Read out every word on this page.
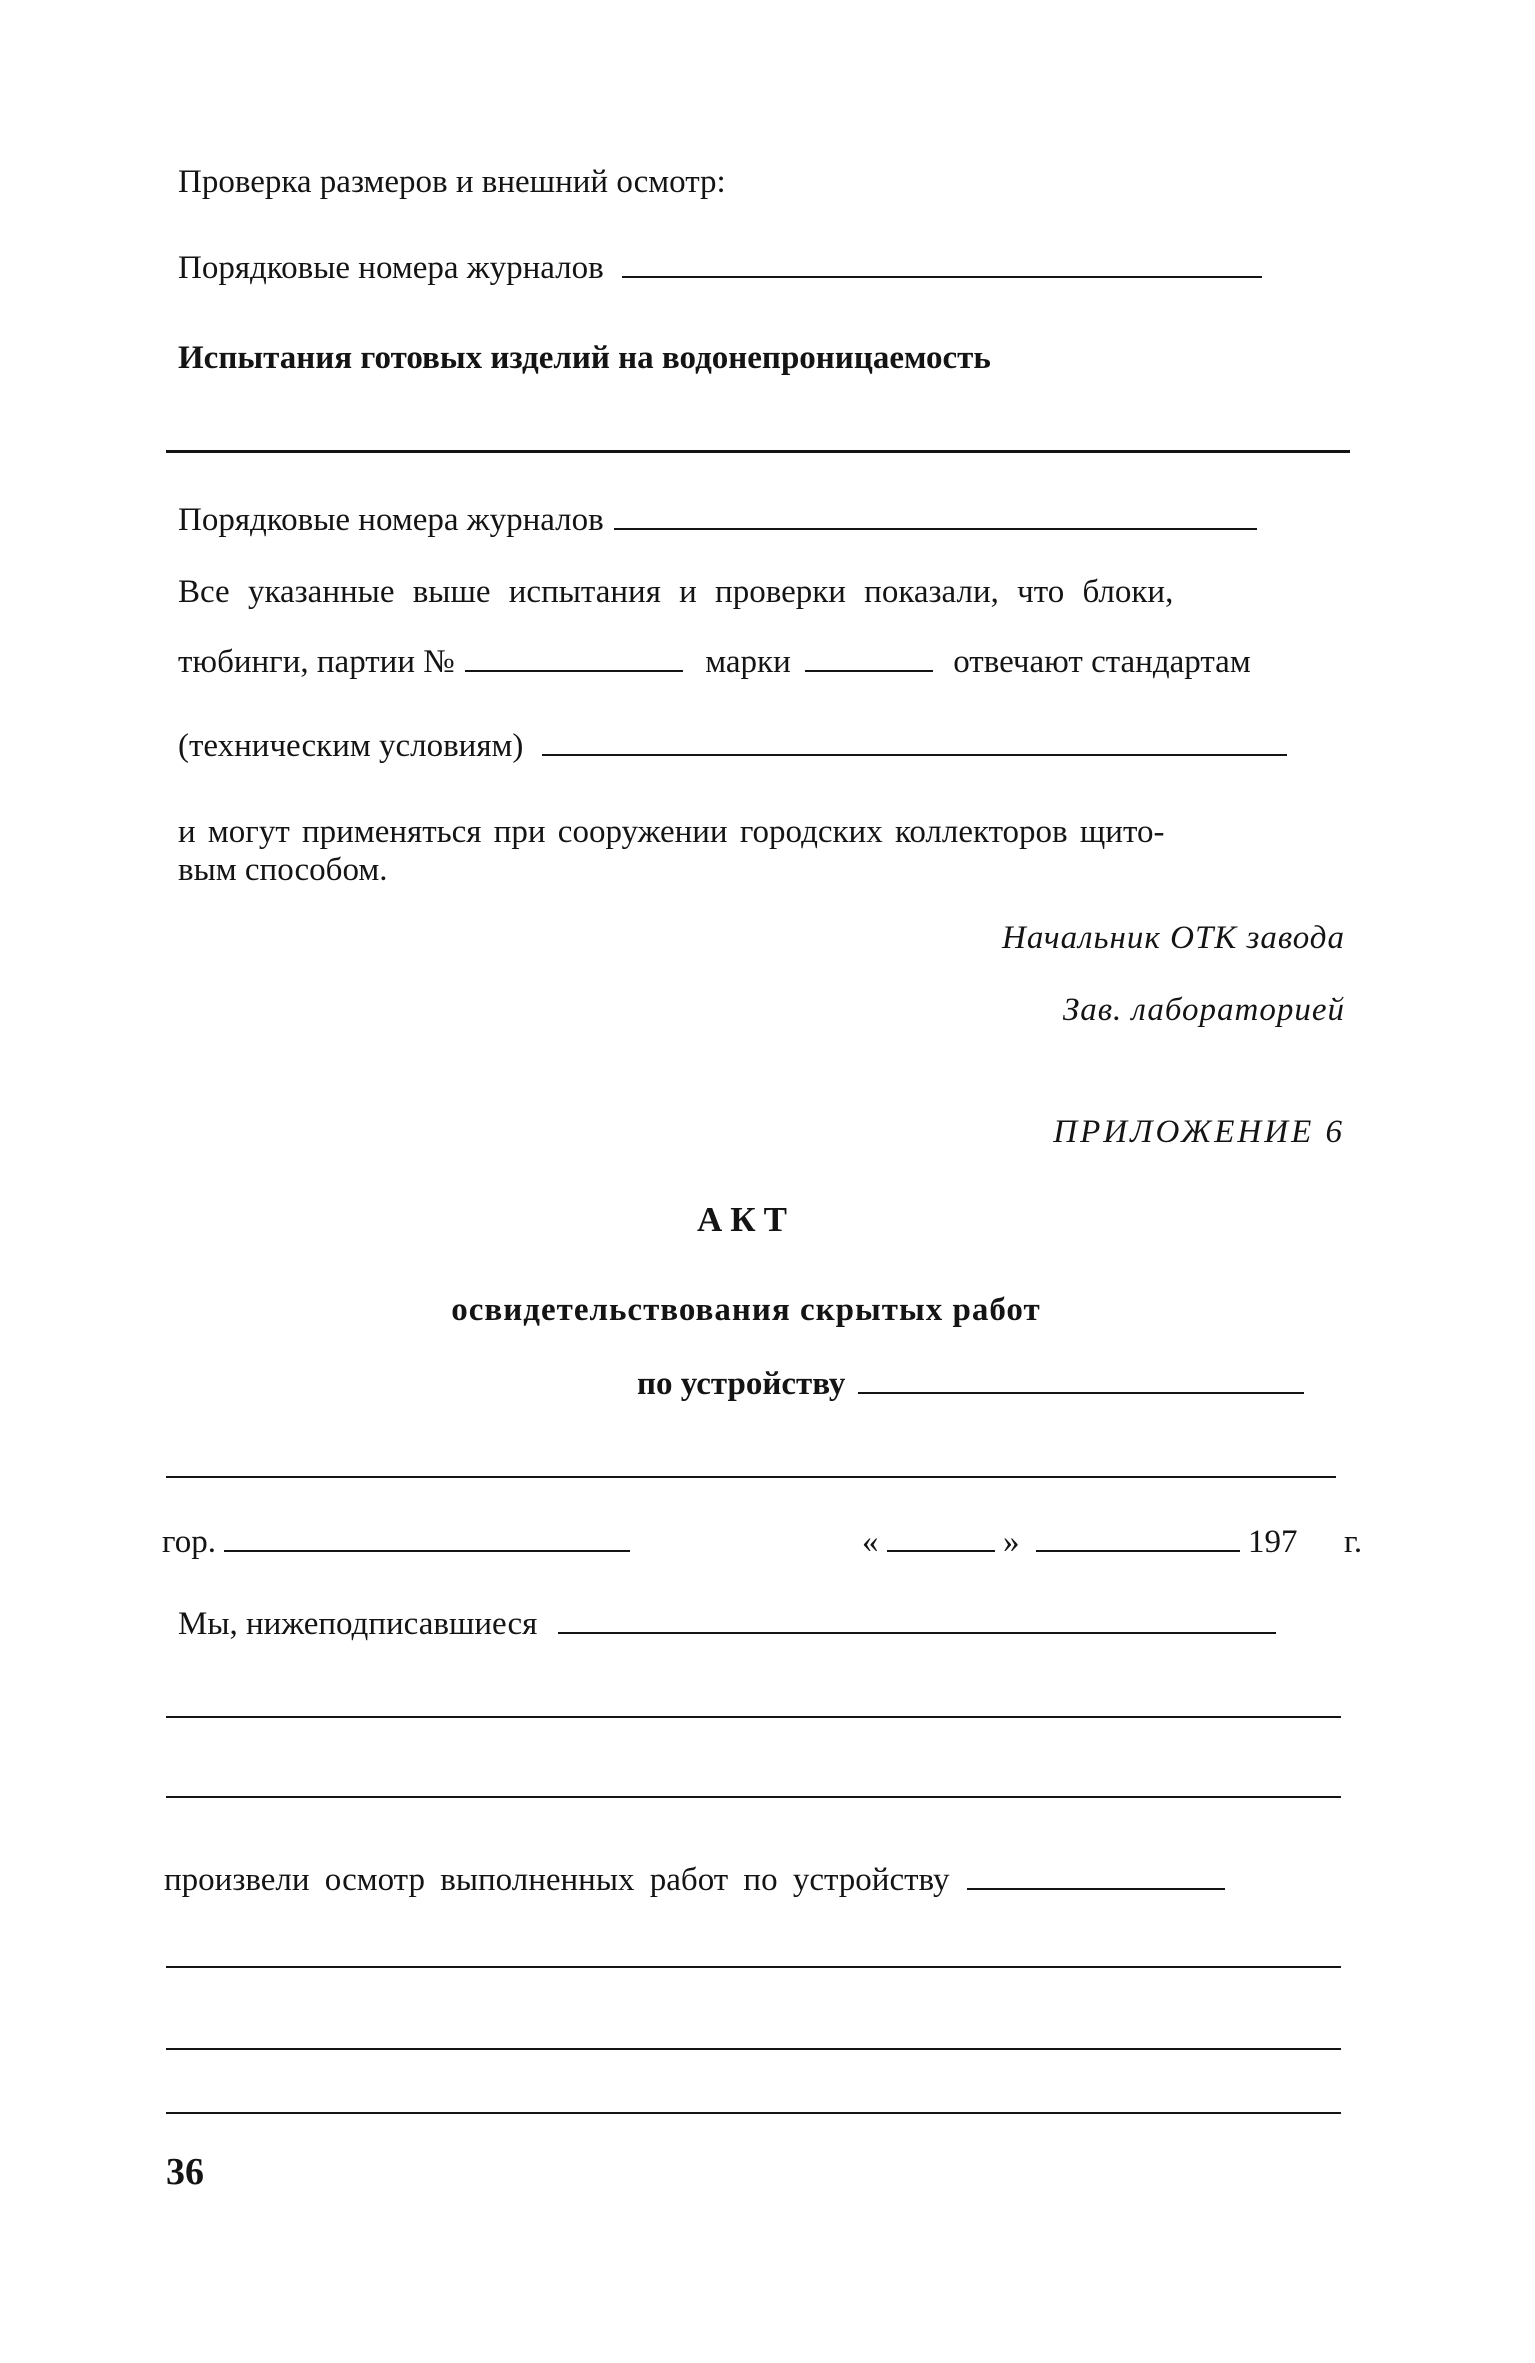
Проверка размеров и внешний осмотр:
Порядковые номера журналов
Испытания готовых изделий на водонепроницаемость
Порядковые номера журналов
Все указанные выше испытания и проверки показали, что блоки,
тюбинги, партии №	марки	отвечают стандартам
(техническим условиям)
и могут применяться при сооружении городских коллекторов щито-
вым способом.
Начальник ОТК завода
Зав. лабораторией
ПРИЛОЖЕНИЕ 6
АКТ
освидетельствования скрытых работ
по устройству
гор.	«	»	197 г.
Мы, нижеподписавшиеся
произвели осмотр выполненных работ по устройству
36
